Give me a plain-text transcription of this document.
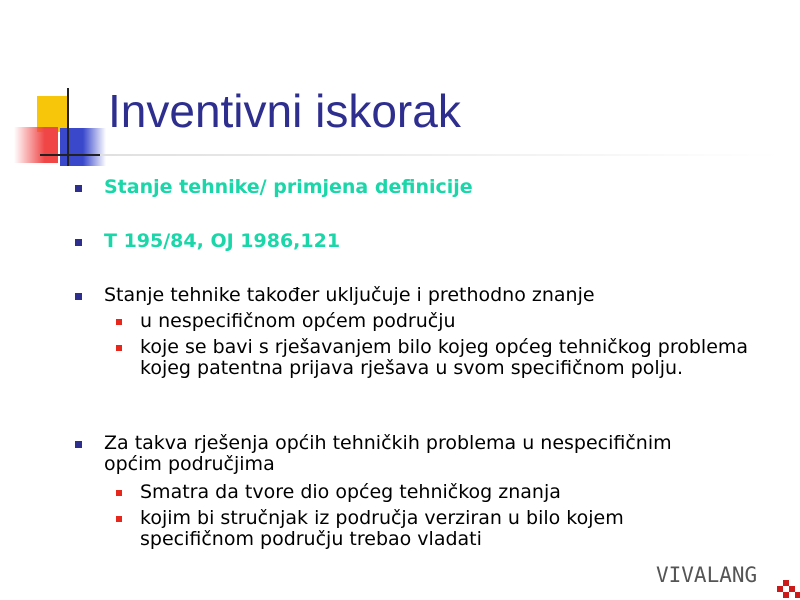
Inventivni iskorak
Stanje tehnike/ primjena definicije
T 195/84, OJ 1986,121
Stanje tehnike također uključuje i prethodno znanje
u nespecifičnom općem području
koje se bavi s rješavanjem bilo kojeg općeg tehničkog problema kojeg patentna prijava rješava u svom specifičnom polju.
Za takva rješenja općih tehničkih problema u nespecifičnim općim područjima
Smatra da tvore dio općeg tehničkog znanja
kojim bi stručnjak iz područja verziran u bilo kojem specifičnom području trebao vladati
VIVALANG
